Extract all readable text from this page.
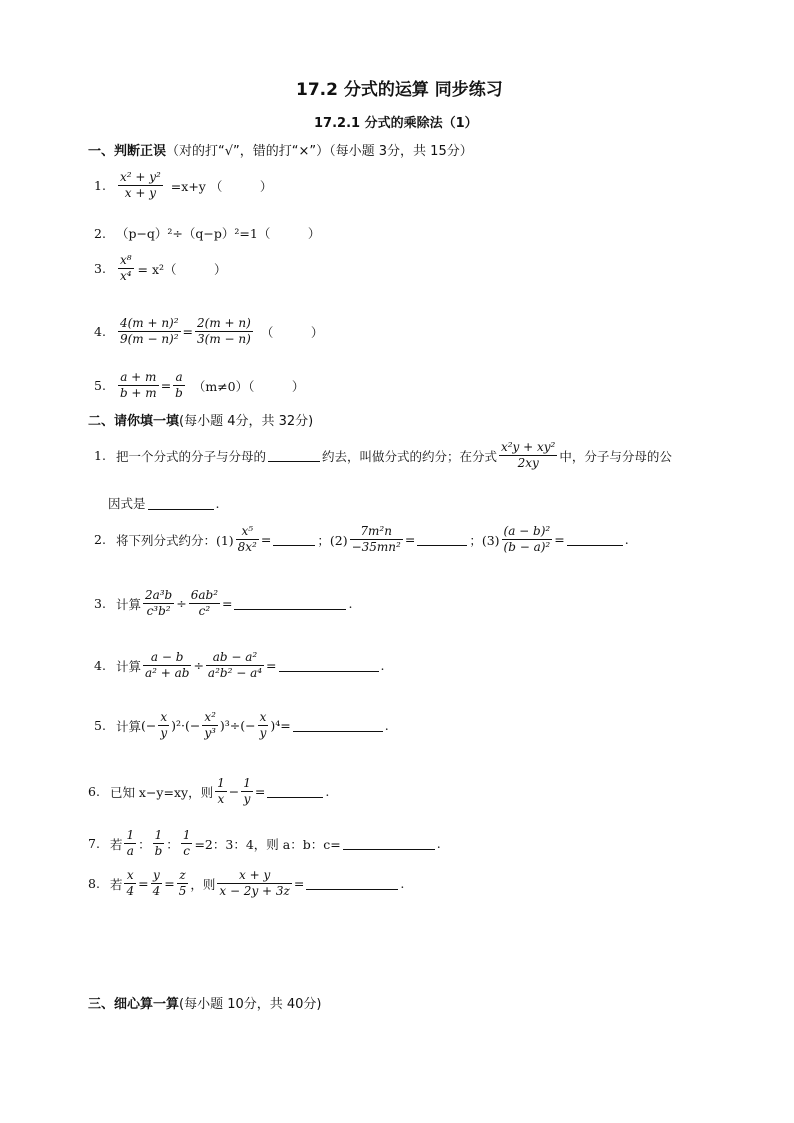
17.2 分式的运算 同步练习
17.2.1 分式的乘除法（1）
一、判断正误（对的打“√”，错的打“×”）（每小题 3分，共 15分）
1. $\frac{\text{x² + y²}}{x + y} =x+y$ （　　　）
2. （p−q）²÷（q−p）²=1（　　　）
3. $\frac{\text{x⁸}}{\text{x⁴}} = x^2$（　　　）
4. $\frac{\text{4(m + n)²}}{\text{9(m − n)²}} = \frac{2(m + n)}{3(m - n)}$ （　　　）
5. $\frac{a + m}{b + m} = \frac{a}{b} (m\ne 0)$（　　　）
二、请你填一填(每小题 4分，共 32分)
1. 把一个分式的分子与分母的	约去，叫做分式的约分；在分式 $\frac{\text{x²y + xy²}}{2xy}$ 中，分子与分母的公
因式是	.
2. 将下列分式约分：$(1) \frac{\text{x⁵}}{\text{8x²}}$ =	；$(2) \frac{\text{7m²n}}{\text{−35mn²}}$ =	；$(3) \frac{\text{(a − b)²}}{\text{(b − a)²}}$ =	.
3. 计算 $\frac{\text{2a³b}}{\text{c³b²}} \div \frac{\text{6ab²}}{\text{c²}}$ =	.
4. 计算 $\frac{a - b}{\text{a² + ab}} \div \frac{\text{ab − a²}}{\text{a²b² − a⁴}}$ =	.
5. 计算 (− $\frac{x}{y} )^2\cdot(- \frac{\text{x²}}{\text{y³}} )^3\div(- \frac{x}{y} )^4=$	.
6. 已知 x−y=xy，则 $\frac{1}{x} - \frac{1}{y}$ =	.
7. 若 $\frac{1}{a}$ ： $\frac{1}{b}$ ： $\frac{1}{c} =2$：3：4，则 a：b：c=	.
8. 若 $\frac{x}{4} = \frac{y}{4} = \frac{z}{5}$ ，则 $\frac{x + y}{x - 2y + 3z}$ =	.
三、细心算一算(每小题 10分，共 40分)
